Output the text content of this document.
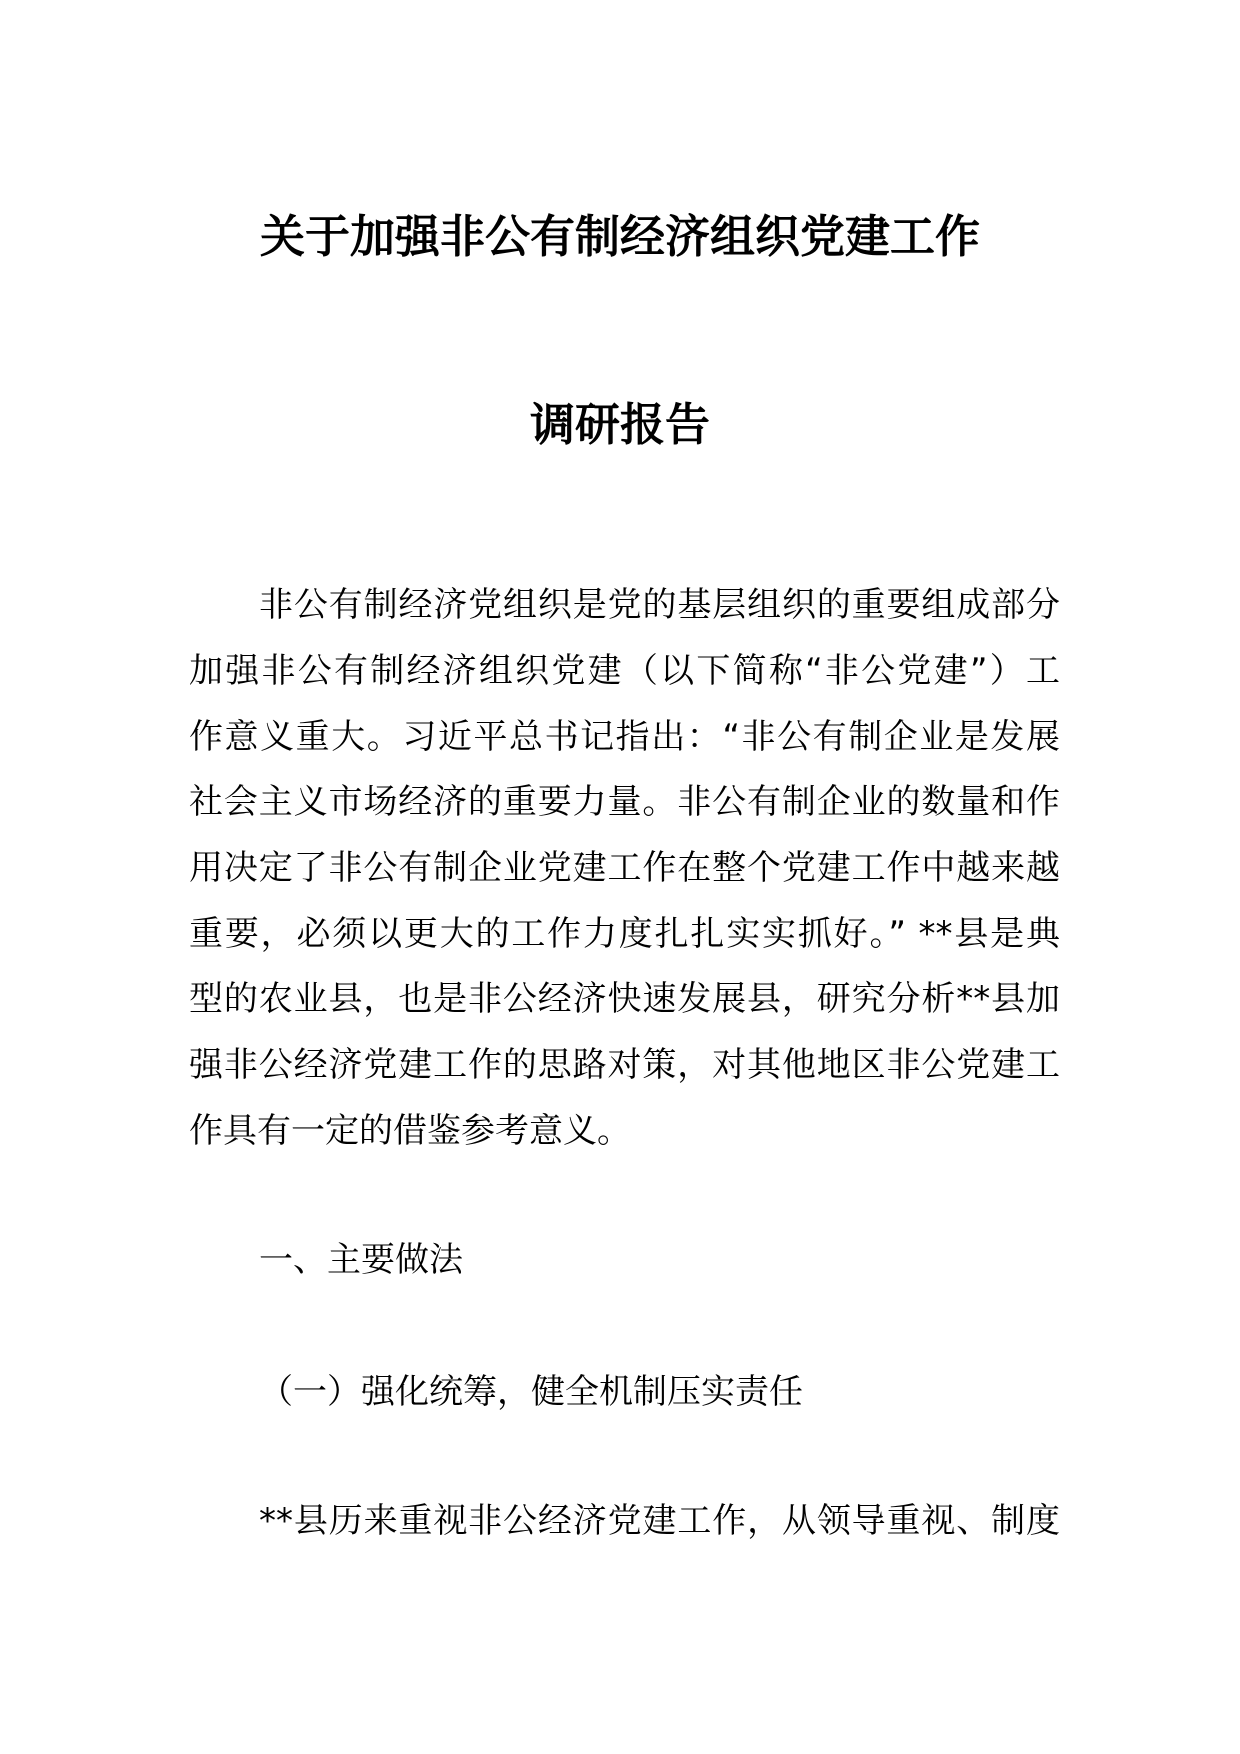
关于加强非公有制经济组织党建工作
调研报告
非公有制经济党组织是党的基层组织的重要组成部分
加强非公有制经济组织党建（以下简称“非公党建”）工
作意义重大。习近平总书记指出：“非公有制企业是发展
社会主义市场经济的重要力量。非公有制企业的数量和作
用决定了非公有制企业党建工作在整个党建工作中越来越
重要，必须以更大的工作力度扎扎实实抓好。” **县是典
型的农业县，也是非公经济快速发展县，研究分析**县加
强非公经济党建工作的思路对策，对其他地区非公党建工
作具有一定的借鉴参考意义。
一、主要做法
（一）强化统筹，健全机制压实责任
**县历来重视非公经济党建工作，从领导重视、制度
